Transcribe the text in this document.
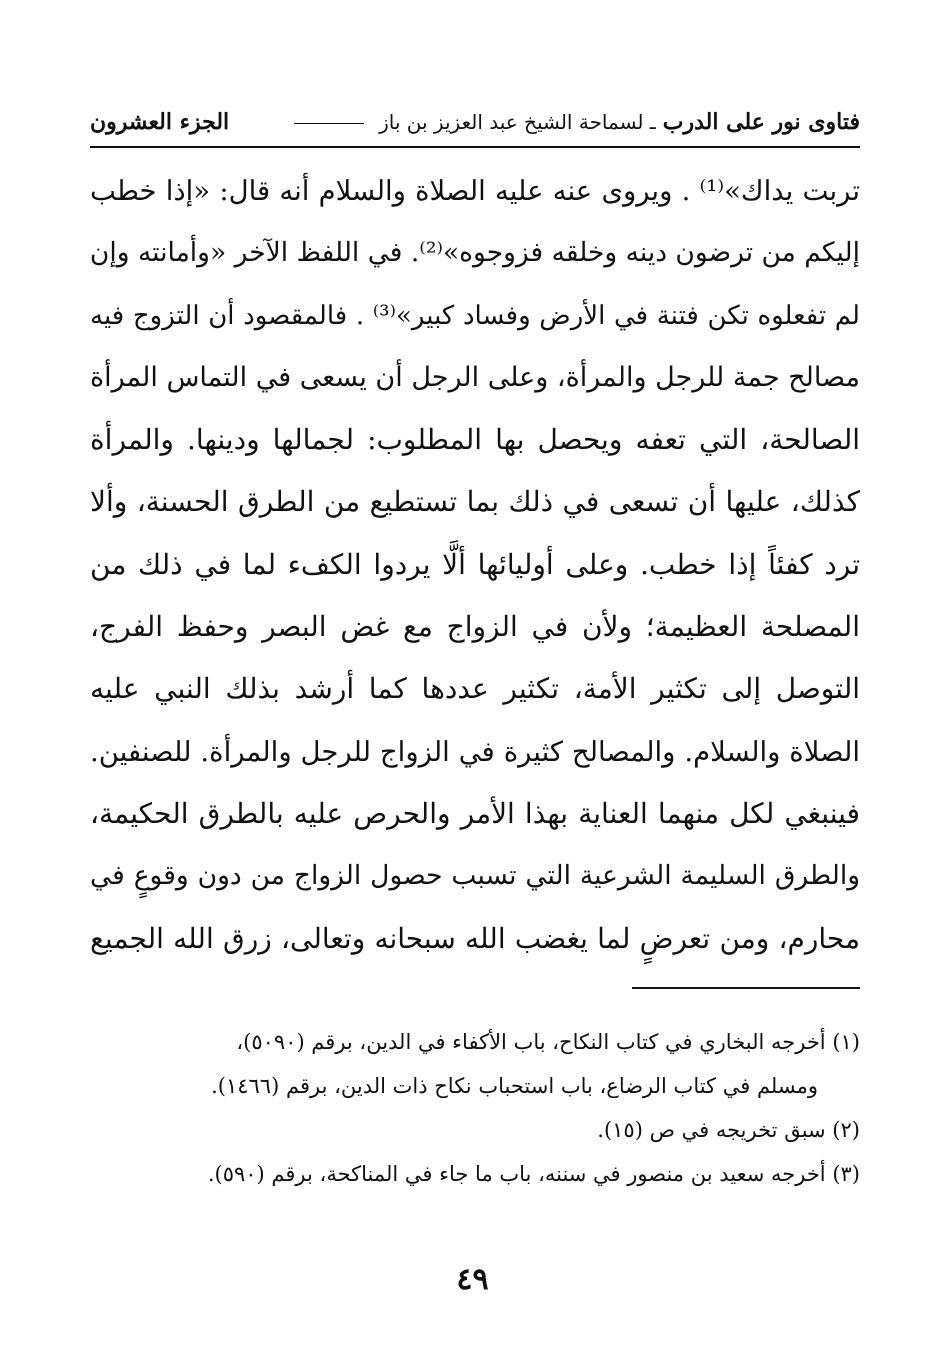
فتاوى نور على الدرب ـ لسماحة الشيخ عبد العزيز بن باز
الجزء العشرون
تربت يداك»⁽¹⁾ . ويروى عنه عليه الصلاة والسلام أنه قال: «إذا خطب
إليكم من ترضون دينه وخلقه فزوجوه»⁽²⁾. في اللفظ الآخر «وأمانته وإن
لم تفعلوه تكن فتنة في الأرض وفساد كبير»⁽³⁾ . فالمقصود أن التزوج فيه
مصالح جمة للرجل والمرأة، وعلى الرجل أن يسعى في التماس المرأة
الصالحة، التي تعفه ويحصل بها المطلوب: لجمالها ودينها. والمرأة
كذلك، عليها أن تسعى في ذلك بما تستطيع من الطرق الحسنة، وألا
ترد كفئاً إذا خطب. وعلى أوليائها ألَّا يردوا الكفء لما في ذلك من
المصلحة العظيمة؛ ولأن في الزواج مع غض البصر وحفظ الفرج،
التوصل إلى تكثير الأمة، تكثير عددها كما أرشد بذلك النبي عليه
الصلاة والسلام. والمصالح كثيرة في الزواج للرجل والمرأة. للصنفين.
فينبغي لكل منهما العناية بهذا الأمر والحرص عليه بالطرق الحكيمة،
والطرق السليمة الشرعية التي تسبب حصول الزواج من دون وقوعٍ في
محارم، ومن تعرضٍ لما يغضب الله سبحانه وتعالى، زرق الله الجميع
(١) أخرجه البخاري في كتاب النكاح، باب الأكفاء في الدين، برقم (٥٠٩٠)،
ومسلم في كتاب الرضاع، باب استحباب نكاح ذات الدين، برقم (١٤٦٦).
(٢) سبق تخريجه في ص (١٥).
(٣) أخرجه سعيد بن منصور في سننه، باب ما جاء في المناكحة، برقم (٥٩٠).
٤٩
